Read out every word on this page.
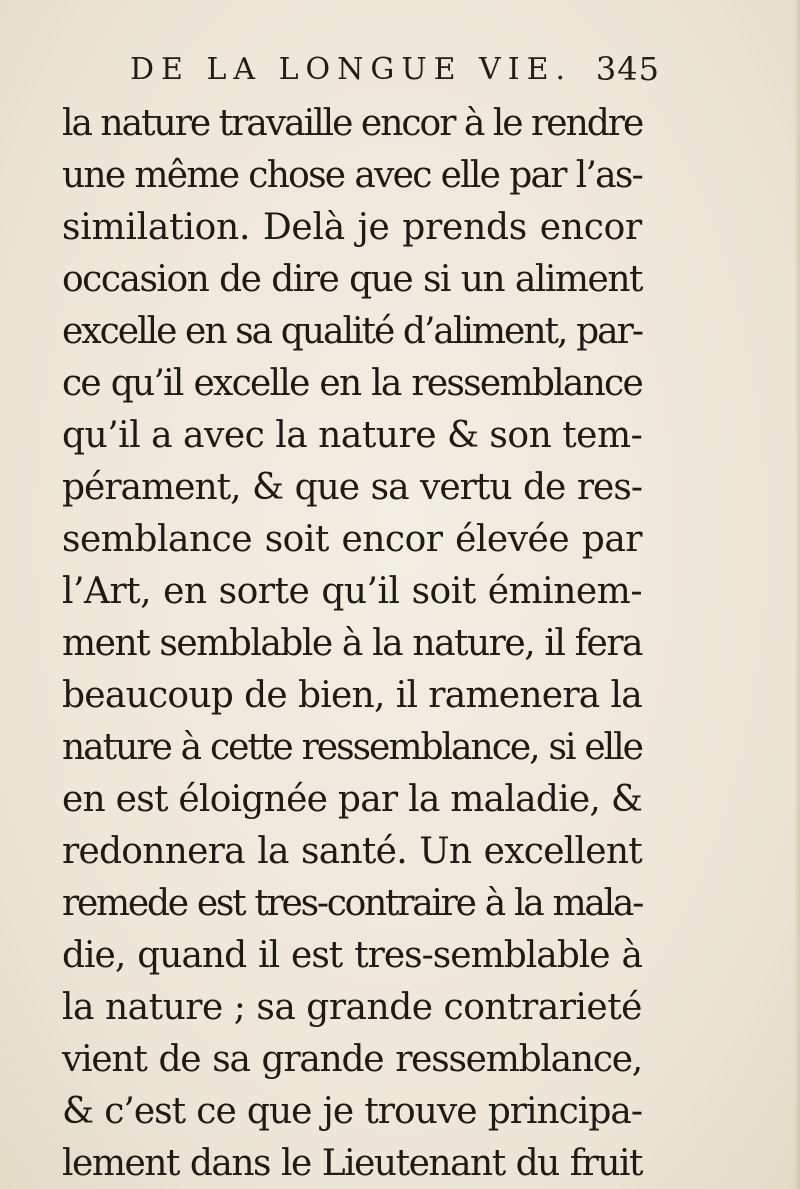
DE LA LONGUE VIE. 345
la nature travaille encor à le rendre
une même chose avec elle par l’as-
similation. Delà je prends encor
occasion de dire que si un aliment
excelle en sa qualité d’aliment, par-
ce qu’il excelle en la ressemblance
qu’il a avec la nature & son tem-
pérament, & que sa vertu de res-
semblance soit encor élevée par
l’Art, en sorte qu’il soit éminem-
ment semblable à la nature, il fera
beaucoup de bien, il ramenera la
nature à cette ressemblance, si elle
en est éloignée par la maladie, &
redonnera la santé. Un excellent
remede est tres-contraire à la mala-
die, quand il est tres-semblable à
la nature ; sa grande contrarieté
vient de sa grande ressemblance,
& c’est ce que je trouve principa-
lement dans le Lieutenant du fruit
